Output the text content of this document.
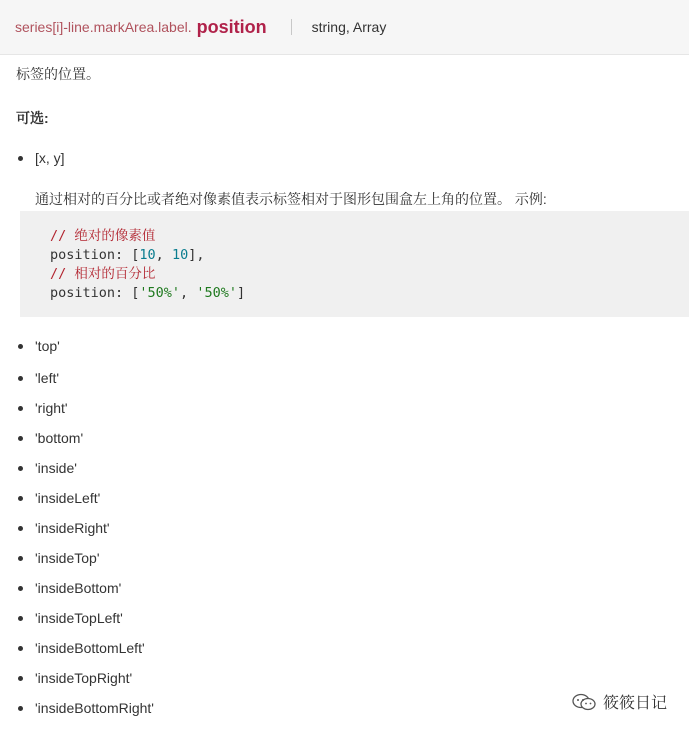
series[i]-line.markArea.label. position	string, Array
标签的位置。
可选:
[x, y]
通过相对的百分比或者绝对像素值表示标签相对于图形包围盒左上角的位置。 示例:
// 绝对的像素值
position: [10, 10],
// 相对的百分比
position: ['50%', '50%']
'top'
'left'
'right'
'bottom'
'inside'
'insideLeft'
'insideRight'
'insideTop'
'insideBottom'
'insideTopLeft'
'insideBottomLeft'
'insideTopRight'
'insideBottomRight'	筱筱日记
